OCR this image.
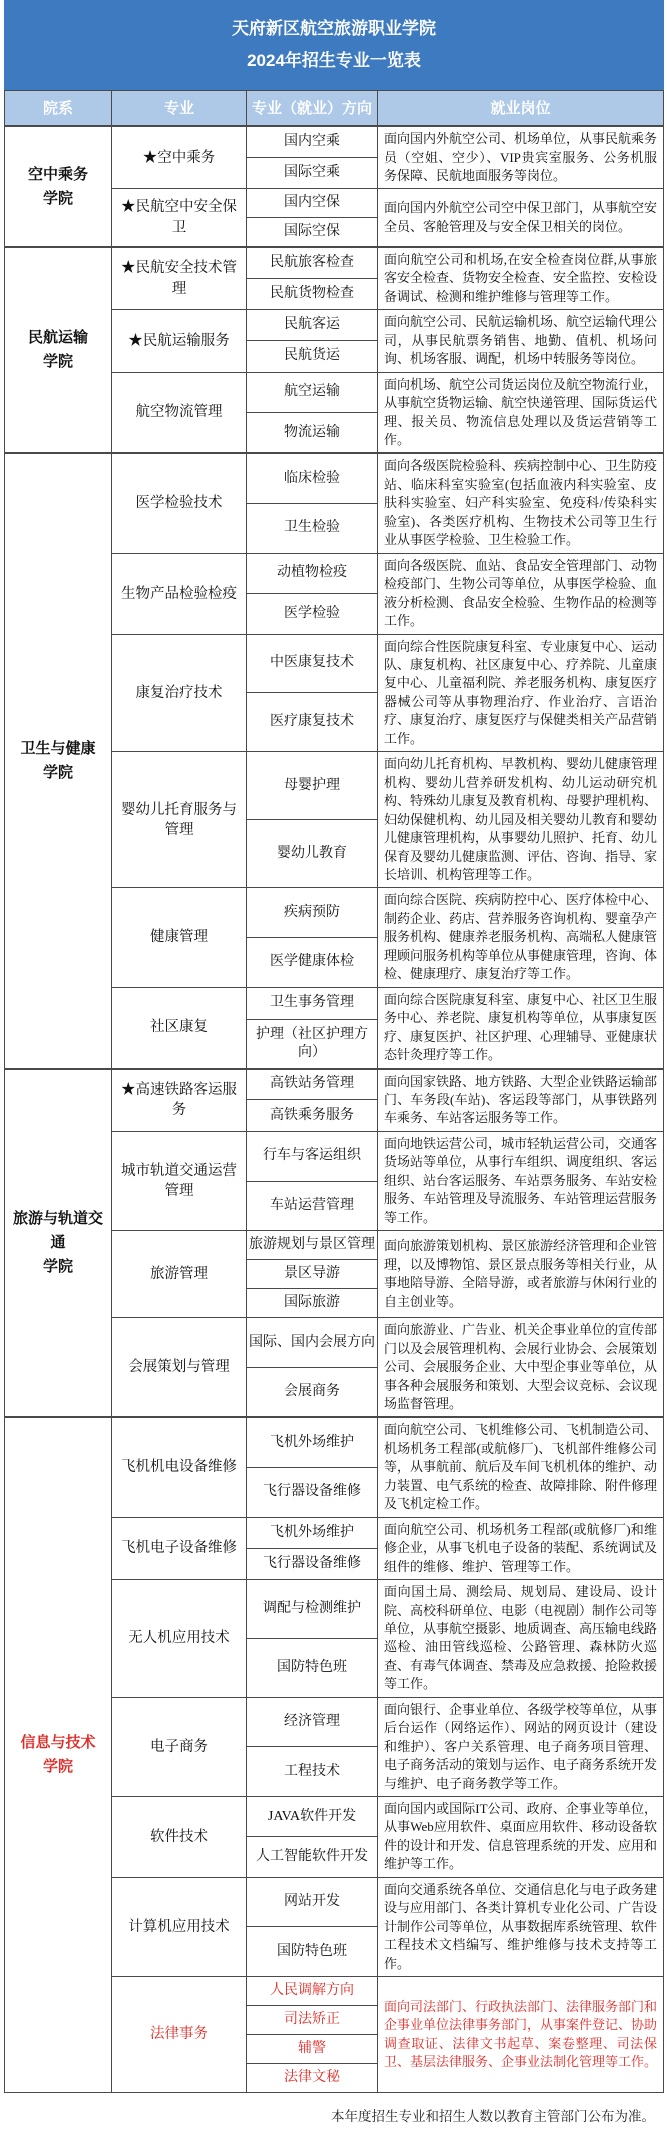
天府新区航空旅游职业学院
2024年招生专业一览表			
院系	专业	专业（就业）方向	就业岗位
空中乘务
学院	★空中乘务	国内空乘	面向国内外航空公司、机场单位，从事民航乘务员（空姐、空少）、VIP贵宾室服务、公务机服务保障、民航地面服务等岗位。
		国际空乘	
	★民航空中安全保卫	国内空保	面向国内外航空公司空中保卫部门，从事航空安全员、客舱管理及与安全保卫相关的岗位。
		国际空保	
民航运输
学院	★民航安全技术管理	民航旅客检查	面向航空公司和机场,在安全检查岗位群,从事旅客安全检查、货物安全检查、安全监控、安检设备调试、检测和维护维修与管理等工作。
		民航货物检查	
	★民航运输服务	民航客运	面向航空公司、民航运输机场、航空运输代理公司，从事民航票务销售、地勤、值机、机场问询、机场客服、调配，机场中转服务等岗位。
		民航货运	
	航空物流管理	航空运输	面向机场、航空公司货运岗位及航空物流行业，从事航空货物运输、航空快递管理、国际货运代理、报关员、物流信息处理以及货运营销等工作。
		物流运输	
卫生与健康
学院	医学检验技术	临床检验	面向各级医院检验科、疾病控制中心、卫生防疫站、临床科室实验室(包括血液内科实验室、皮肤科实验室、妇产科实验室、免疫科/传染科实验室)、各类医疗机构、生物技术公司等卫生行业从事医学检验、卫生检验工作。
		卫生检验	
	生物产品检验检疫	动植物检疫	面向各级医院、血站、食品安全管理部门、动物检疫部门、生物公司等单位，从事医学检验、血液分析检测、食品安全检验、生物作品的检测等工作。
		医学检验	
	康复治疗技术	中医康复技术	面向综合性医院康复科室、专业康复中心、运动队、康复机构、社区康复中心、疗养院、儿童康复中心、儿童福利院、养老服务机构、康复医疗器械公司等从事物理治疗、作业治疗、言语治疗、康复治疗、康复医疗与保健类相关产品营销工作。
		医疗康复技术	
	婴幼儿托育服务与管理	母婴护理	面向幼儿托育机构、早教机构、婴幼儿健康管理机构、婴幼儿营养研发机构、幼儿运动研究机构、特殊幼儿康复及教育机构、母婴护理机构、妇幼保健机构、幼儿园及相关婴幼儿教育和婴幼儿健康管理机构，从事婴幼儿照护、托育、幼儿保育及婴幼儿健康监测、评估、咨询、指导、家长培训、机构管理等工作。
		婴幼儿教育	
	健康管理	疾病预防	面向综合医院、疾病防控中心、医疗体检中心、制药企业、药店、营养服务咨询机构、婴童孕产服务机构、健康养老服务机构、高端私人健康管理顾问服务机构等单位从事健康管理，咨询、体检、健康理疗、康复治疗等工作。
		医学健康体检	
	社区康复	卫生事务管理	面向综合医院康复科室、康复中心、社区卫生服务中心、养老院、康复机构等单位，从事康复医疗、康复医护、社区护理、心理辅导、亚健康状态针灸理疗等工作。
		护理（社区护理方向）	
旅游与轨道交通
学院	★高速铁路客运服务	高铁站务管理	面向国家铁路、地方铁路、大型企业铁路运输部门、车务段(车站)、客运段等部门，从事铁路列车乘务、车站客运服务等工作。
		高铁乘务服务	
	城市轨道交通运营管理	行车与客运组织	面向地铁运营公司，城市轻轨运营公司，交通客货场站等单位，从事行车组织、调度组织、客运组织、站台客运服务、车站票务服务、车站安检服务、车站管理及导流服务、车站管理运营服务等工作。
		车站运营管理	
	旅游管理	旅游规划与景区管理	面向旅游策划机构、景区旅游经济管理和企业管理，以及博物馆、景区景点服务等相关行业，从事地陪导游、全陪导游，或者旅游与休闲行业的自主创业等。
		景区导游	
		国际旅游	
	会展策划与管理	国际、国内会展方向	面向旅游业、广告业、机关企事业单位的宣传部门以及会展管理机构、会展行业协会、会展策划公司、会展服务企业、大中型企事业等单位，从事各种会展服务和策划、大型会议竞标、会议现场监督管理。
		会展商务	
信息与技术
学院	飞机机电设备维修	飞机外场维护	面向航空公司、飞机维修公司、飞机制造公司、机场机务工程部(或航修厂)、飞机部件维修公司等，从事航前、航后及车间飞机机体的维护、动力装置、电气系统的检查、故障排除、附件修理及飞机定检工作。
		飞行器设备维修	
	飞机电子设备维修	飞机外场维护	面向航空公司、机场机务工程部(或航修厂)和维修企业，从事飞机电子设备的装配、系统调试及组件的维修、维护、管理等工作。
		飞行器设备维修	
	无人机应用技术	调配与检测维护	面向国土局、测绘局、规划局、建设局、设计院、高校科研单位、电影（电视剧）制作公司等单位，从事航空摄影、地质调查、高压输电线路巡检、油田管线巡检、公路管理、森林防火巡查、有毒气体调查、禁毒及应急救援、抢险救援等工作。
		国防特色班	
	电子商务	经济管理	面向银行、企事业单位、各级学校等单位，从事后台运作（网络运作）、网站的网页设计（建设和维护）、客户关系管理、电子商务项目管理、电子商务活动的策划与运作、电子商务系统开发与维护、电子商务教学等工作。
		工程技术	
	软件技术	JAVA软件开发	面向国内或国际IT公司、政府、企事业等单位，从事Web应用软件、桌面应用软件、移动设备软件的设计和开发、信息管理系统的开发、应用和维护等工作。
		人工智能软件开发	
	计算机应用技术	网站开发	面向交通系统各单位、交通信息化与电子政务建设与应用部门、各类计算机专业化公司、广告设计制作公司等单位，从事数据库系统管理、软件工程技术文档编写、维护维修与技术支持等工作。
		国防特色班	
	法律事务	人民调解方向	面向司法部门、行政执法部门、法律服务部门和企事业单位法律事务部门，从事案件登记、协助调查取证、法律文书起草、案卷整理、司法保卫、基层法律服务、企事业法制化管理等工作。
		司法矫正	
		辅警	
		法律文秘	
本年度招生专业和招生人数以教育主管部门公布为准。
